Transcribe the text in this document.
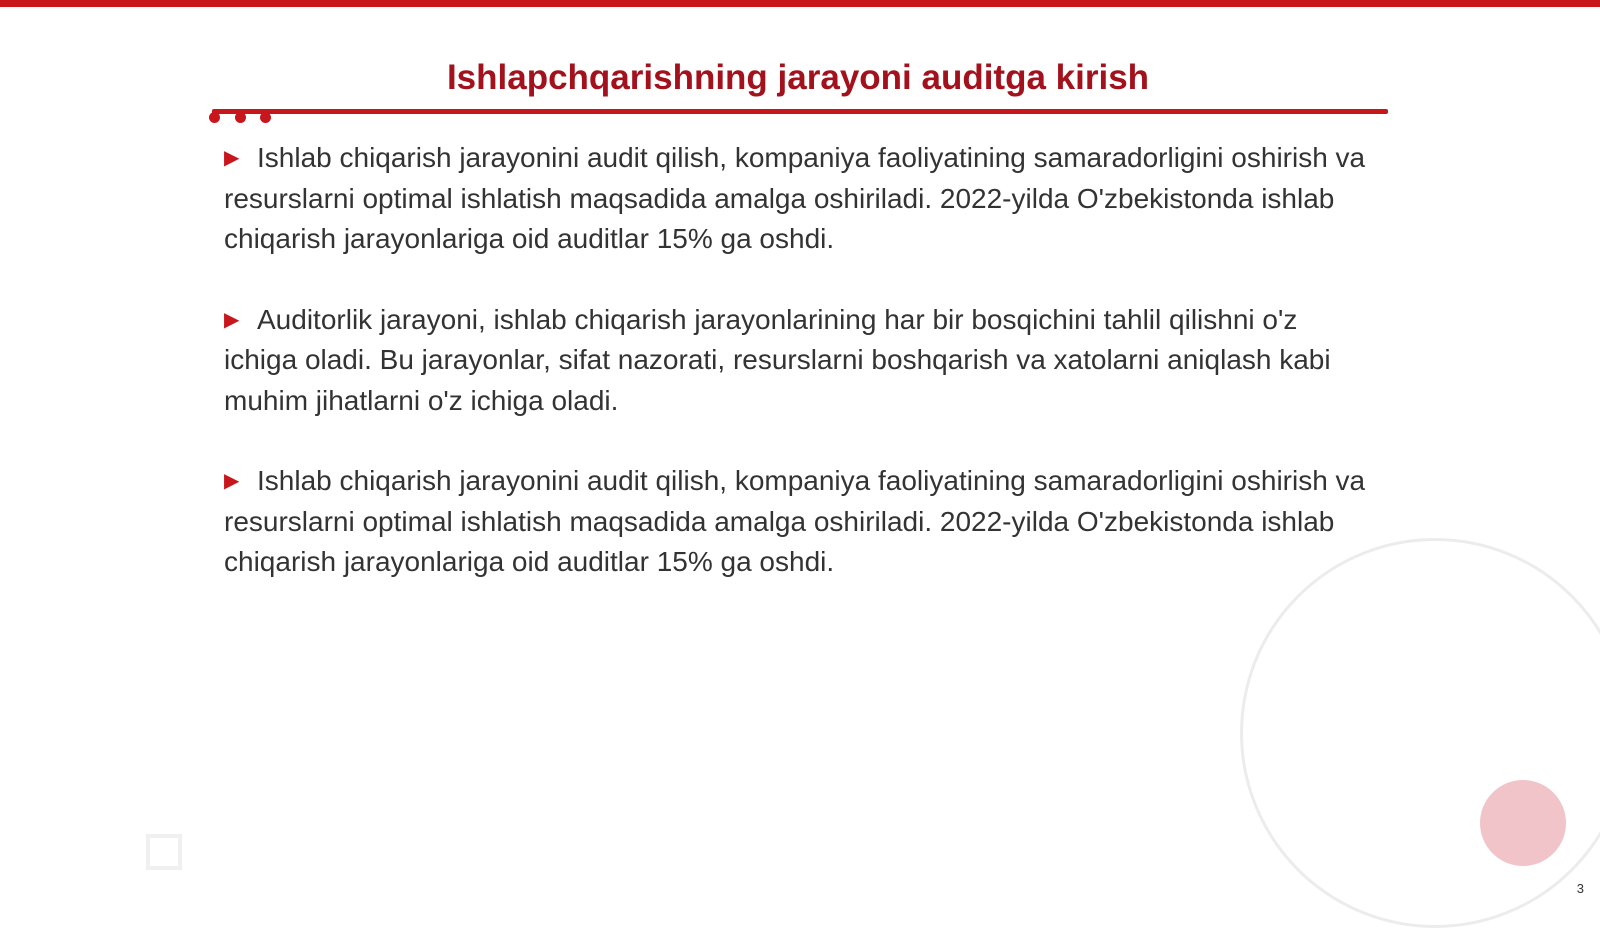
Ishlapchqarishning jarayoni auditga kirish

▶ Ishlab chiqarish jarayonini audit qilish, kompaniya faoliyatining samaradorligini oshirish va resurslarni optimal ishlatish maqsadida amalga oshiriladi. 2022-yilda O'zbekistonda ishlab chiqarish jarayonlariga oid auditlar 15% ga oshdi.

▶ Auditorlik jarayoni, ishlab chiqarish jarayonlarining har bir bosqichini tahlil qilishni o'z ichiga oladi. Bu jarayonlar, sifat nazorati, resurslarni boshqarish va xatolarni aniqlash kabi muhim jihatlarni o'z ichiga oladi.

▶ Ishlab chiqarish jarayonini audit qilish, kompaniya faoliyatining samaradorligini oshirish va resurslarni optimal ishlatish maqsadida amalga oshiriladi. 2022-yilda O'zbekistonda ishlab chiqarish jarayonlariga oid auditlar 15% ga oshdi.

3
